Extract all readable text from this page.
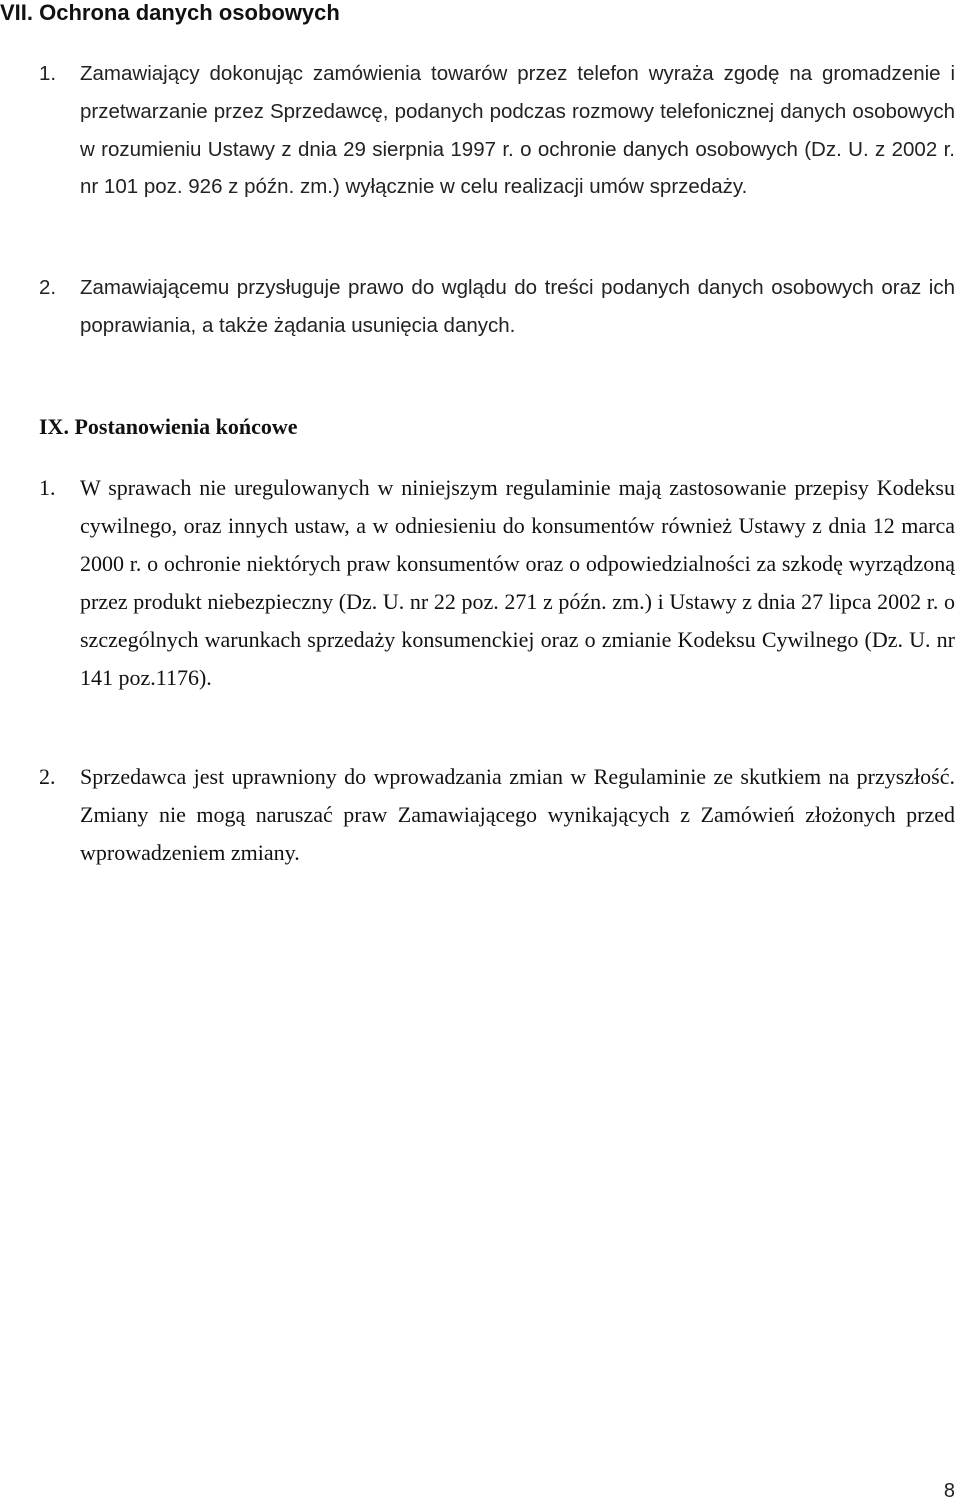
VII. Ochrona danych osobowych
1. Zamawiający dokonując zamówienia towarów przez telefon wyraża zgodę na gromadzenie i przetwarzanie przez Sprzedawcę, podanych podczas rozmowy telefonicznej danych osobowych w rozumieniu Ustawy z dnia 29 sierpnia 1997 r. o ochronie danych osobowych (Dz. U. z 2002 r. nr 101 poz. 926 z późn. zm.) wyłącznie w celu realizacji umów sprzedaży.

2. Zamawiającemu przysługuje prawo do wglądu do treści podanych danych osobowych oraz ich poprawiania, a także żądania usunięcia danych.

IX. Postanowienia końcowe
1. W sprawach nie uregulowanych w niniejszym regulaminie mają zastosowanie przepisy Kodeksu cywilnego, oraz innych ustaw, a w odniesieniu do konsumentów również Ustawy z dnia 12 marca 2000 r. o ochronie niektórych praw konsumentów oraz o odpowiedzialności za szkodę wyrządzoną przez produkt niebezpieczny (Dz. U. nr 22 poz. 271 z późn. zm.) i Ustawy z dnia 27 lipca 2002 r. o szczególnych warunkach sprzedaży konsumenckiej oraz o zmianie Kodeksu Cywilnego (Dz. U. nr 141 poz.1176).

2. Sprzedawca jest uprawniony do wprowadzania zmian w Regulaminie ze skutkiem na przyszłość. Zmiany nie mogą naruszać praw Zamawiającego wynikających z Zamówień złożonych przed wprowadzeniem zmiany.

8
